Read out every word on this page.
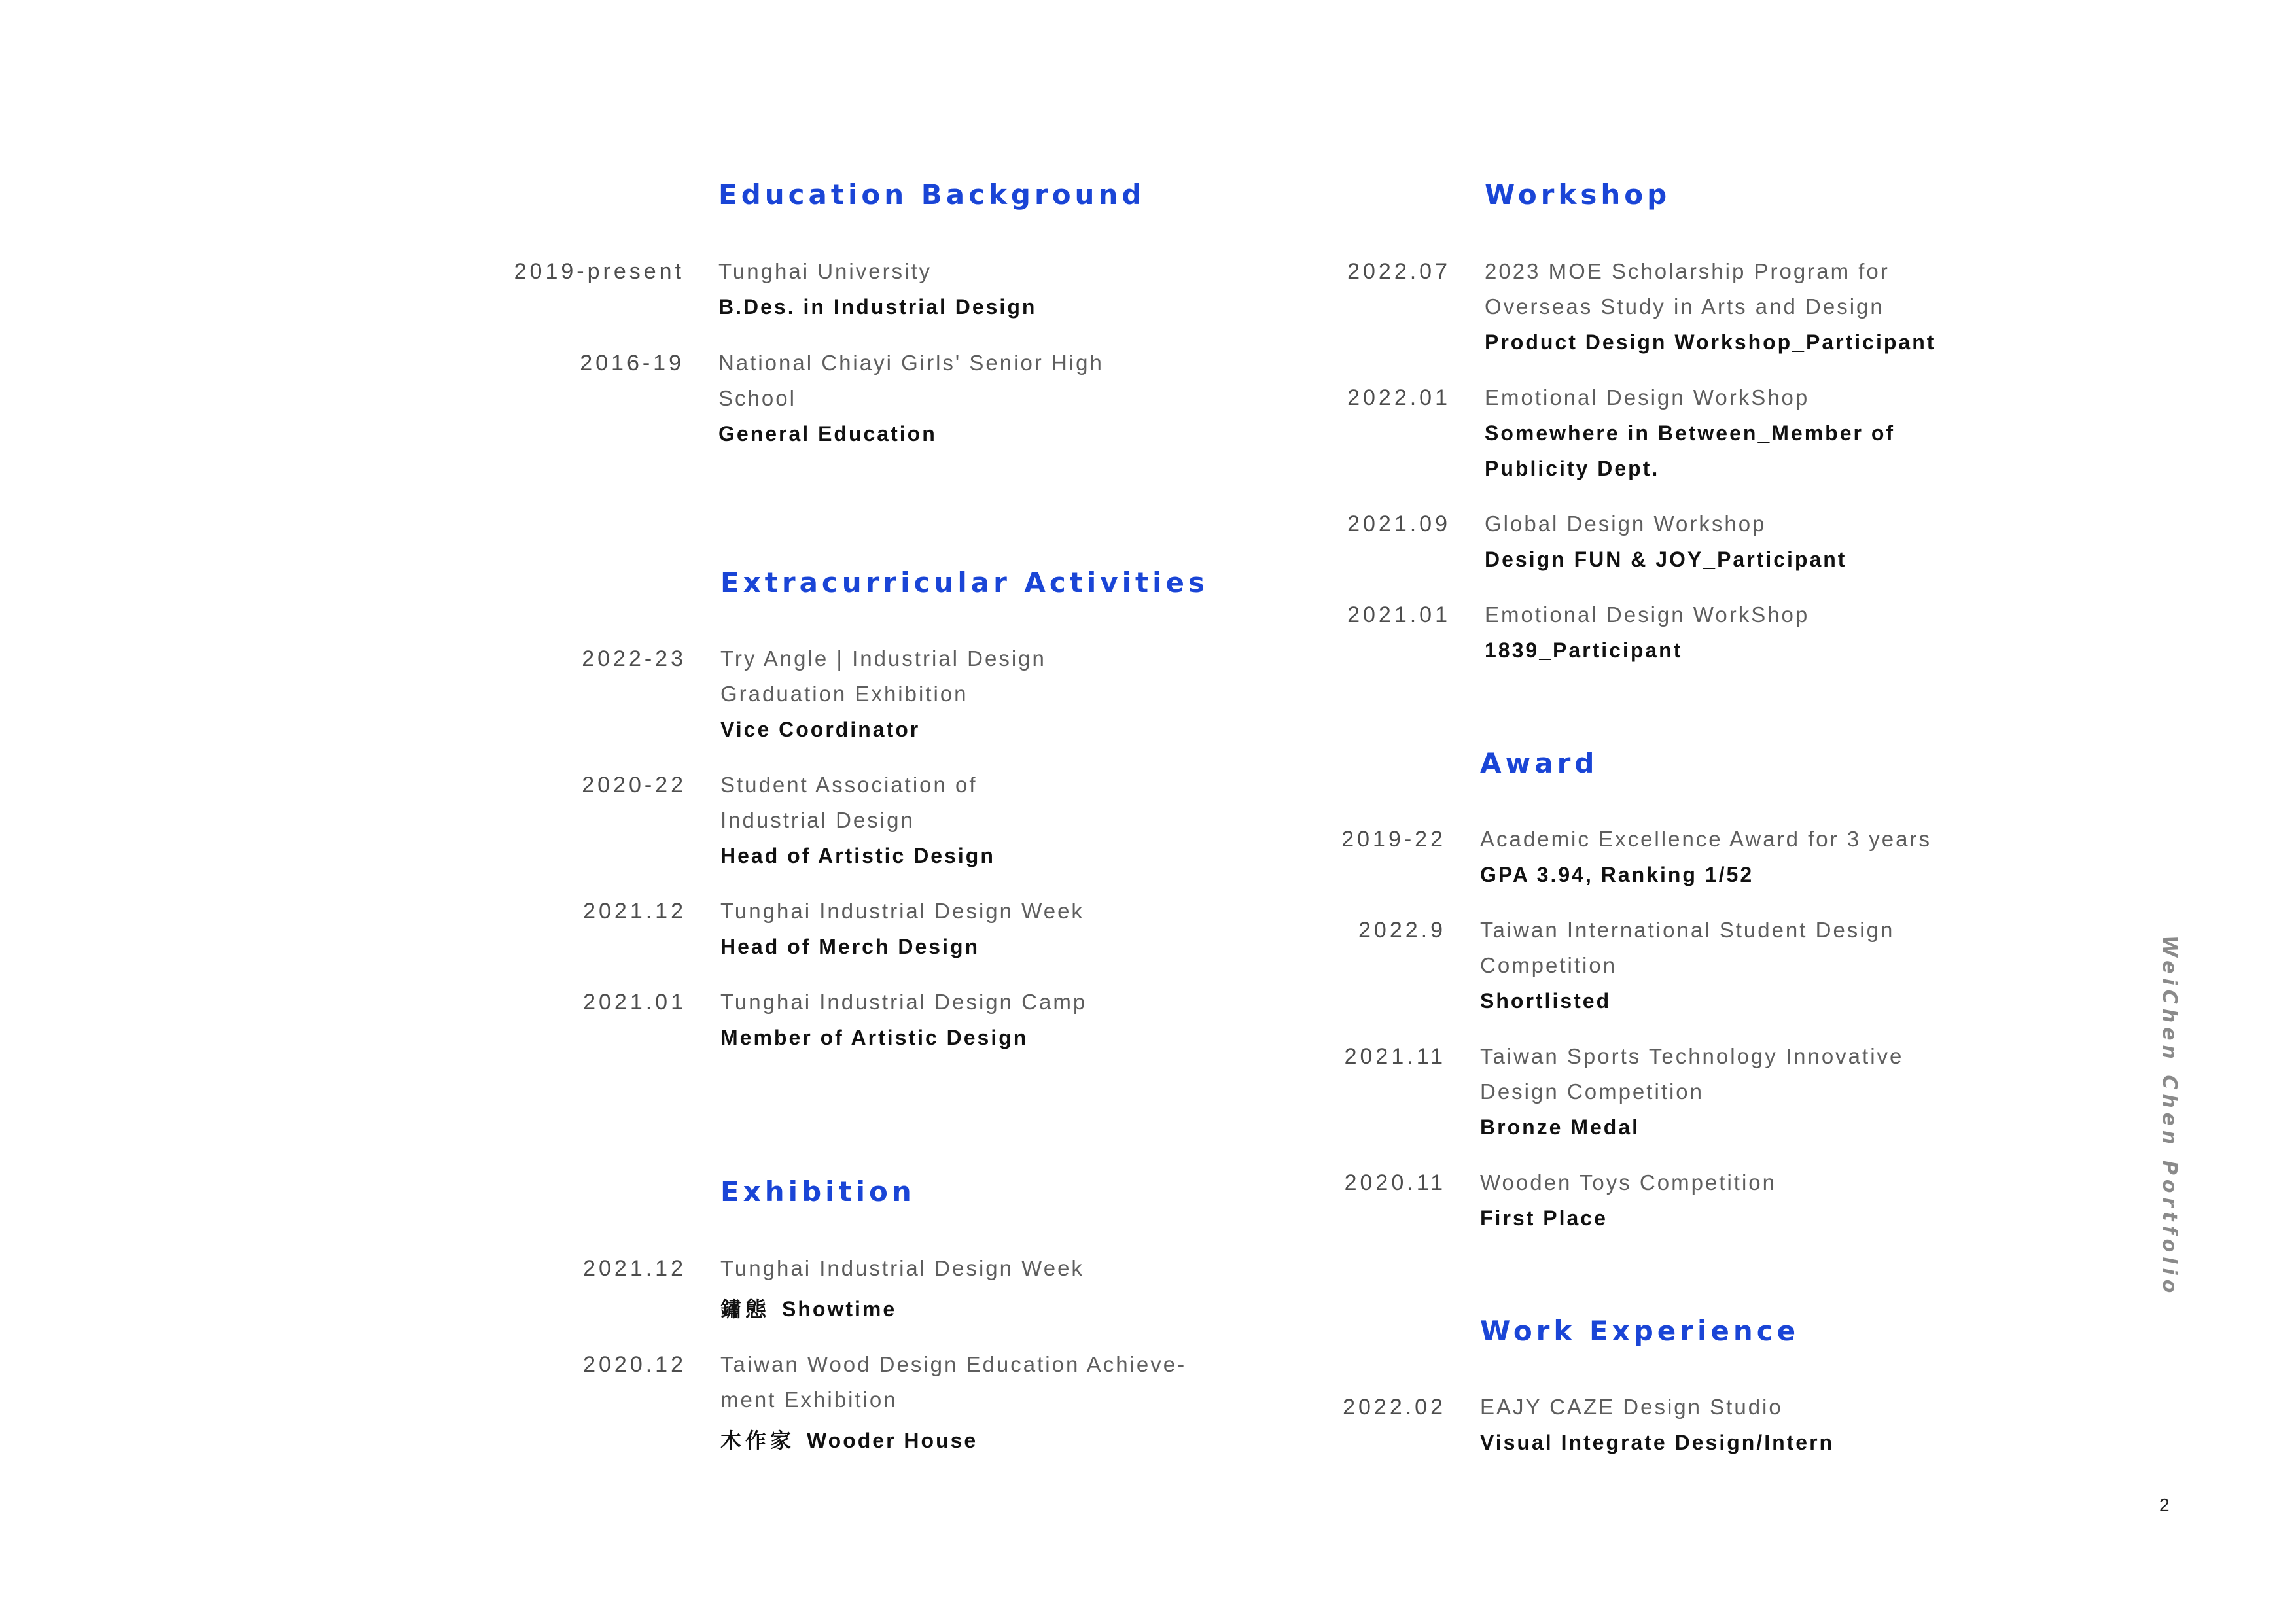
Education Background
2019-present	Tunghai University
B.Des. in Industrial Design
2016-19	National Chiayi Girls' Senior High School
General Education
Extracurricular Activities
2022-23	Try Angle | Industrial Design Graduation Exhibition
Vice Coordinator
2020-22	Student Association of Industrial Design
Head of Artistic Design
2021.12	Tunghai Industrial Design Week
Head of Merch Design
2021.01	Tunghai Industrial Design Camp
Member of Artistic Design
Exhibition
2021.12	Tunghai Industrial Design Week
鏽態 Showtime
2020.12	Taiwan Wood Design Education Achieve-ment Exhibition
木作家 Wooder House
Workshop
2022.07	2023 MOE Scholarship Program for Overseas Study in Arts and Design
Product Design Workshop_Participant
2022.01	Emotional Design WorkShop
Somewhere in Between_Member of Publicity Dept.
2021.09	Global Design Workshop
Design FUN & JOY_Participant
2021.01	Emotional Design WorkShop
1839_Participant
Award
2019-22	Academic Excellence Award for 3 years
GPA 3.94, Ranking 1/52
2022.9	Taiwan International Student Design Competition
Shortlisted
2021.11	Taiwan Sports Technology Innovative Design Competition
Bronze Medal
2020.11	Wooden Toys Competition
First Place
Work Experience
2022.02	EAJY CAZE Design Studio
Visual Integrate Design/Intern
WeiChen Chen Portfolio
2
